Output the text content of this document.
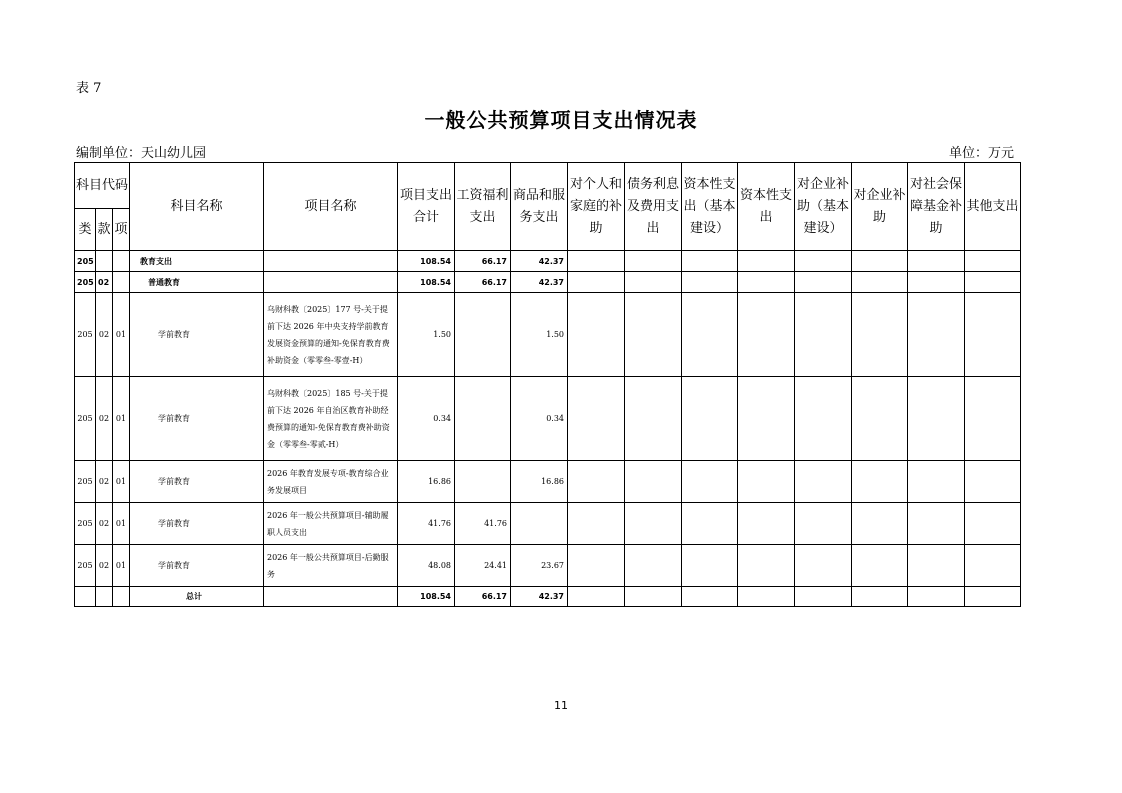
表 7
一般公共预算项目支出情况表
编制单位：天山幼儿园	单位：万元
科目代码			科目名称	项目名称	项目支出合计	工资福利支出	商品和服务支出	对个人和家庭的补助	债务利息及费用支出	资本性支出（基本建设）	资本性支出	对企业补助（基本建设）	对企业补助	对社会保障基金补助	其他支出
类	款	项													
205			教育支出		108.54	66.17	42.37								
205	02		普通教育		108.54	66.17	42.37								
205	02	01	学前教育	乌财科教〔2025〕177 号-关于提前下达 2026 年中央支持学前教育发展资金预算的通知-免保育教育费补助资金（零零叁-零壹-H）	1.50		1.50								
205	02	01	学前教育	乌财科教〔2025〕185 号-关于提前下达 2026 年自治区教育补助经费预算的通知-免保育教育费补助资金（零零叁-零贰-H）	0.34		0.34								
205	02	01	学前教育	2026 年教育发展专项-教育综合业务发展项目	16.86		16.86								
205	02	01	学前教育	2026 年一般公共预算项目-辅助履职人员支出	41.76	41.76									
205	02	01	学前教育	2026 年一般公共预算项目-后勤服务	48.08	24.41	23.67								
			总计		108.54	66.17	42.37								
11
